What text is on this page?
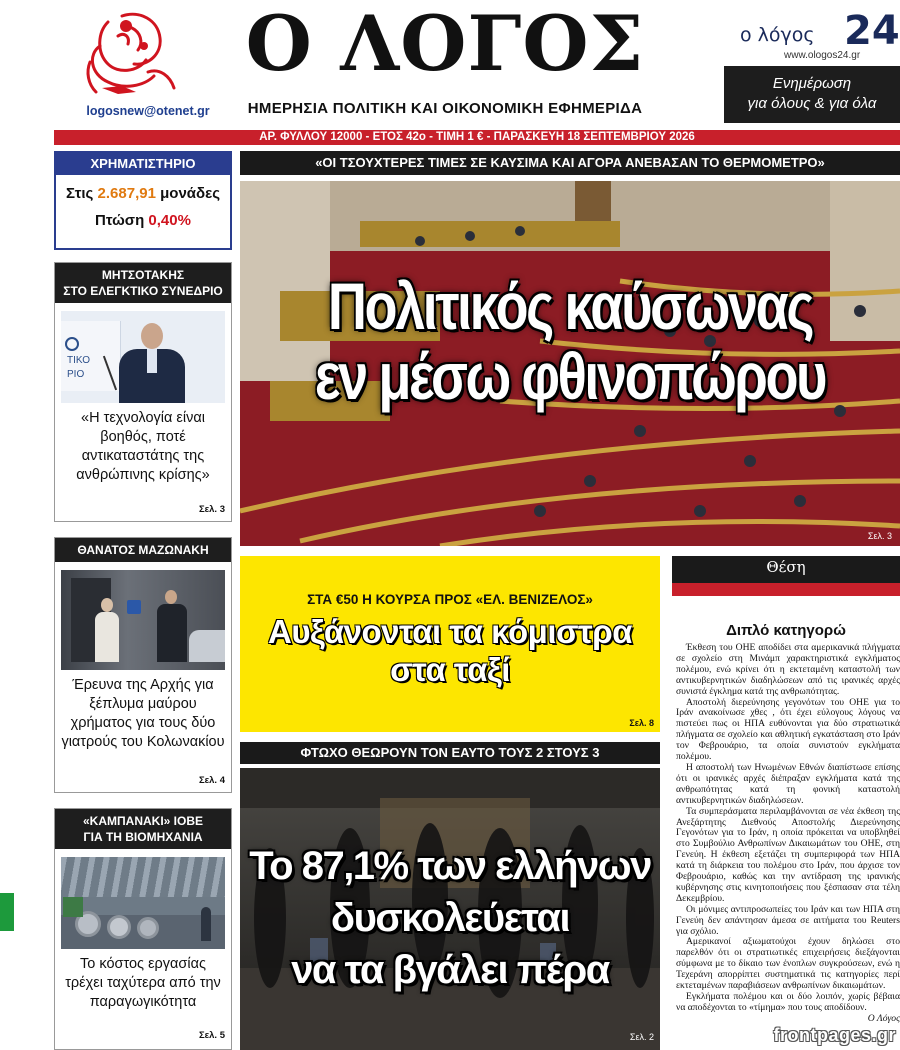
logosnew@otenet.gr
Ο ΛΟΓΟΣ
ΗΜΕΡΗΣΙΑ ΠΟΛΙΤΙΚΗ ΚΑΙ ΟΙΚΟΝΟΜΙΚΗ ΕΦΗΜΕΡΙΔΑ
ο λόγος 24
www.ologos24.gr
Ενημέρωση
για όλους & για όλα
ΑΡ. ΦΥΛΛΟΥ 12000 - ΕΤΟΣ 42ο - ΤΙΜΗ 1 € - ΠΑΡΑΣΚΕΥΗ 18 ΣΕΠΤΕΜΒΡΙΟΥ 2026
ΧΡΗΜΑΤΙΣΤΗΡΙΟ
Στις 2.687,91 μονάδες
Πτώση 0,40%
ΜΗΤΣΟΤΑΚΗΣ
ΣΤΟ ΕΛΕΓΚΤΙΚΟ ΣΥΝΕΔΡΙΟ
ΤΙΚΟ
ΡΙΟ
«Η τεχνολογία είναι βοηθός, ποτέ αντικαταστάτης της ανθρώπινης κρίσης»
Σελ. 3
ΘΑΝΑΤΟΣ ΜΑΖΩΝΑΚΗ
Έρευνα της Αρχής για ξέπλυμα μαύρου χρήματος για τους δύο γιατρούς του Κολωνακίου
Σελ. 4
«ΚΑΜΠΑΝΑΚΙ» ΙΟΒΕ
ΓΙΑ ΤΗ ΒΙΟΜΗΧΑΝΙΑ
Το κόστος εργασίας τρέχει ταχύτερα από την παραγωγικότητα
Σελ. 5
«ΟΙ ΤΣΟΥΧΤΕΡΕΣ ΤΙΜΕΣ ΣΕ ΚΑΥΣΙΜΑ ΚΑΙ ΑΓΟΡΑ ΑΝΕΒΑΣΑΝ ΤΟ ΘΕΡΜΟΜΕΤΡΟ»
Πολιτικός καύσωνας
εν μέσω φθινοπώρου
Σελ. 3
ΣΤΑ €50 Η ΚΟΥΡΣΑ ΠΡΟΣ «ΕΛ. ΒΕΝΙΖΕΛΟΣ»
Αυξάνονται τα κόμιστρα
στα ταξί
Σελ. 8
ΦΤΩΧΟ ΘΕΩΡΟΥΝ ΤΟΝ ΕΑΥΤΟ ΤΟΥΣ 2 ΣΤΟΥΣ 3
Το 87,1% των ελλήνων
δυσκολεύεται
να τα βγάλει πέρα
Σελ. 2
Θέση
Διπλό κατηγορώ

Έκθεση του ΟΗΕ αποδίδει στα αμερικανικά πλήγματα σε σχολείο στη Μινάμπ χαρακτηριστικά εγκλήματος πολέμου, ενώ κρίνει ότι η εκτεταμένη καταστολή των αντικυβερνητικών διαδηλώσεων από τις ιρανικές αρχές συνιστά έγκλημα κατά της ανθρωπότητας.

Αποστολή διερεύνησης γεγονότων του ΟΗΕ για το Ιράν ανακοίνωσε χθες , ότι έχει εύλογους λόγους να πιστεύει πως οι ΗΠΑ ευθύνονται για δύο στρατιωτικά πλήγματα σε σχολείο και αθλητική εγκατάσταση στο Ιράν τον Φεβρουάριο, τα οποία συνιστούν εγκλήματα πολέμου.

Η αποστολή των Ηνωμένων Εθνών διαπίστωσε επίσης ότι οι ιρανικές αρχές διέπραξαν εγκλήματα κατά της ανθρωπότητας κατά τη φονική καταστολή αντικυβερνητικών διαδηλώσεων.

Τα συμπεράσματα περιλαμβάνονται σε νέα έκθεση της Ανεξάρτητης Διεθνούς Αποστολής Διερεύνησης Γεγονότων για το Ιράν, η οποία πρόκειται να υποβληθεί στο Συμβούλιο Ανθρωπίνων Δικαιωμάτων του ΟΗΕ, στη Γενεύη. Η έκθεση εξετάζει τη συμπεριφορά των ΗΠΑ κατά τη διάρκεια του πολέμου στο Ιράν, που άρχισε τον Φεβρουάριο, καθώς και την αντίδραση της ιρανικής κυβέρνησης στις κινητοποιήσεις που ξέσπασαν στα τέλη Δεκεμβρίου.

Οι μόνιμες αντιπροσωπείες του Ιράν και των ΗΠΑ στη Γενεύη δεν απάντησαν άμεσα σε αιτήματα του Reuters για σχόλιο.

Αμερικανοί αξιωματούχοι έχουν δηλώσει στο παρελθόν ότι οι στρατιωτικές επιχειρήσεις διεξάγονται σύμφωνα με το δίκαιο των ένοπλων συγκρούσεων, ενώ η Τεχεράνη απορρίπτει συστηματικά τις κατηγορίες περί εκτεταμένων παραβιάσεων ανθρωπίνων δικαιωμάτων.

Εγκλήματα πολέμου και οι δύο λοιπόν, χωρίς βέβαια να αποδέχονται το «τίμημα» που τους αποδίδουν.

Ο Λόγος
frontpages.gr
